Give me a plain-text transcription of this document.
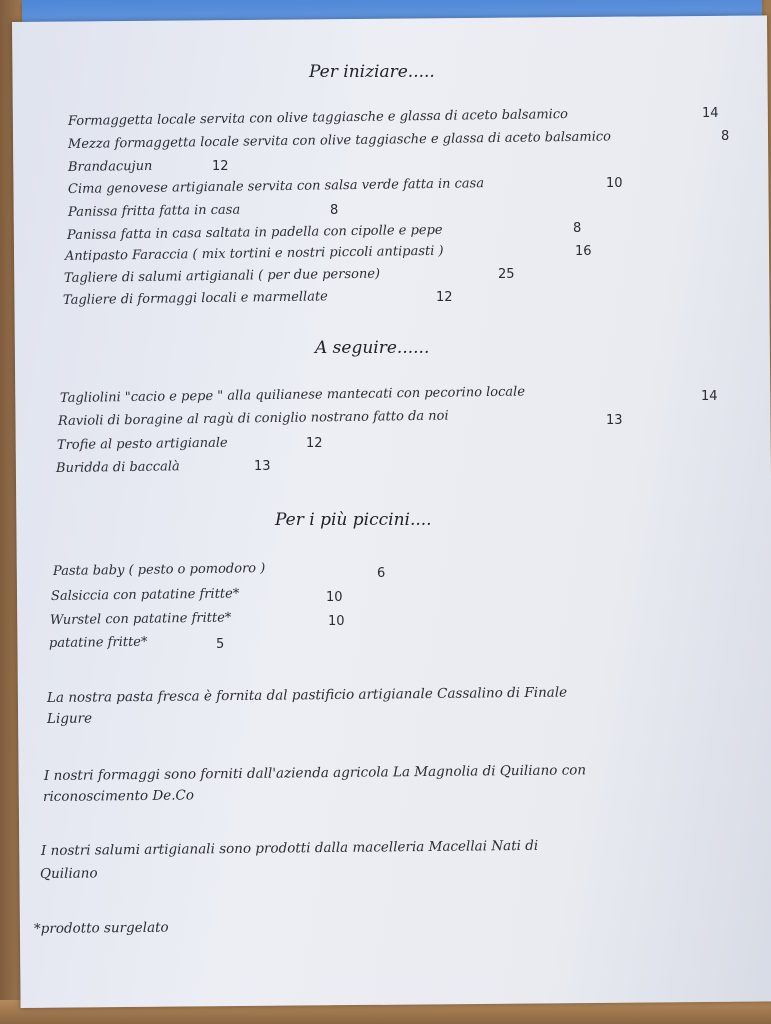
Per iniziare.....
Formaggetta locale servita con olive taggiasche e glassa di aceto balsamico	14
Mezza formaggetta locale servita con olive taggiasche e glassa di aceto balsamico	8
Brandacujun	12
Cima genovese artigianale servita con salsa verde fatta in casa	10
Panissa fritta fatta in casa	8
Panissa fatta in casa saltata in padella con cipolle e pepe	8
Antipasto Faraccia ( mix tortini e nostri piccoli antipasti )	16
Tagliere di salumi artigianali ( per due persone)	25
Tagliere di formaggi locali e marmellate	12
A seguire......
Tagliolini "cacio e pepe " alla quilianese mantecati con pecorino locale	14
Ravioli di boragine al ragù di coniglio nostrano fatto da noi	13
Trofie al pesto artigianale	12
Buridda di baccalà	13
Per i più piccini....
Pasta baby ( pesto o pomodoro )	6
Salsiccia con patatine fritte*	10
Wurstel con patatine fritte*	10
patatine fritte*	5
La nostra pasta fresca è fornita dal pastificio artigianale Cassalino di Finale
Ligure
I nostri formaggi sono forniti dall'azienda agricola La Magnolia di Quiliano con
riconoscimento De.Co
I nostri salumi artigianali sono prodotti dalla macelleria Macellai Nati di
Quiliano
*prodotto surgelato
